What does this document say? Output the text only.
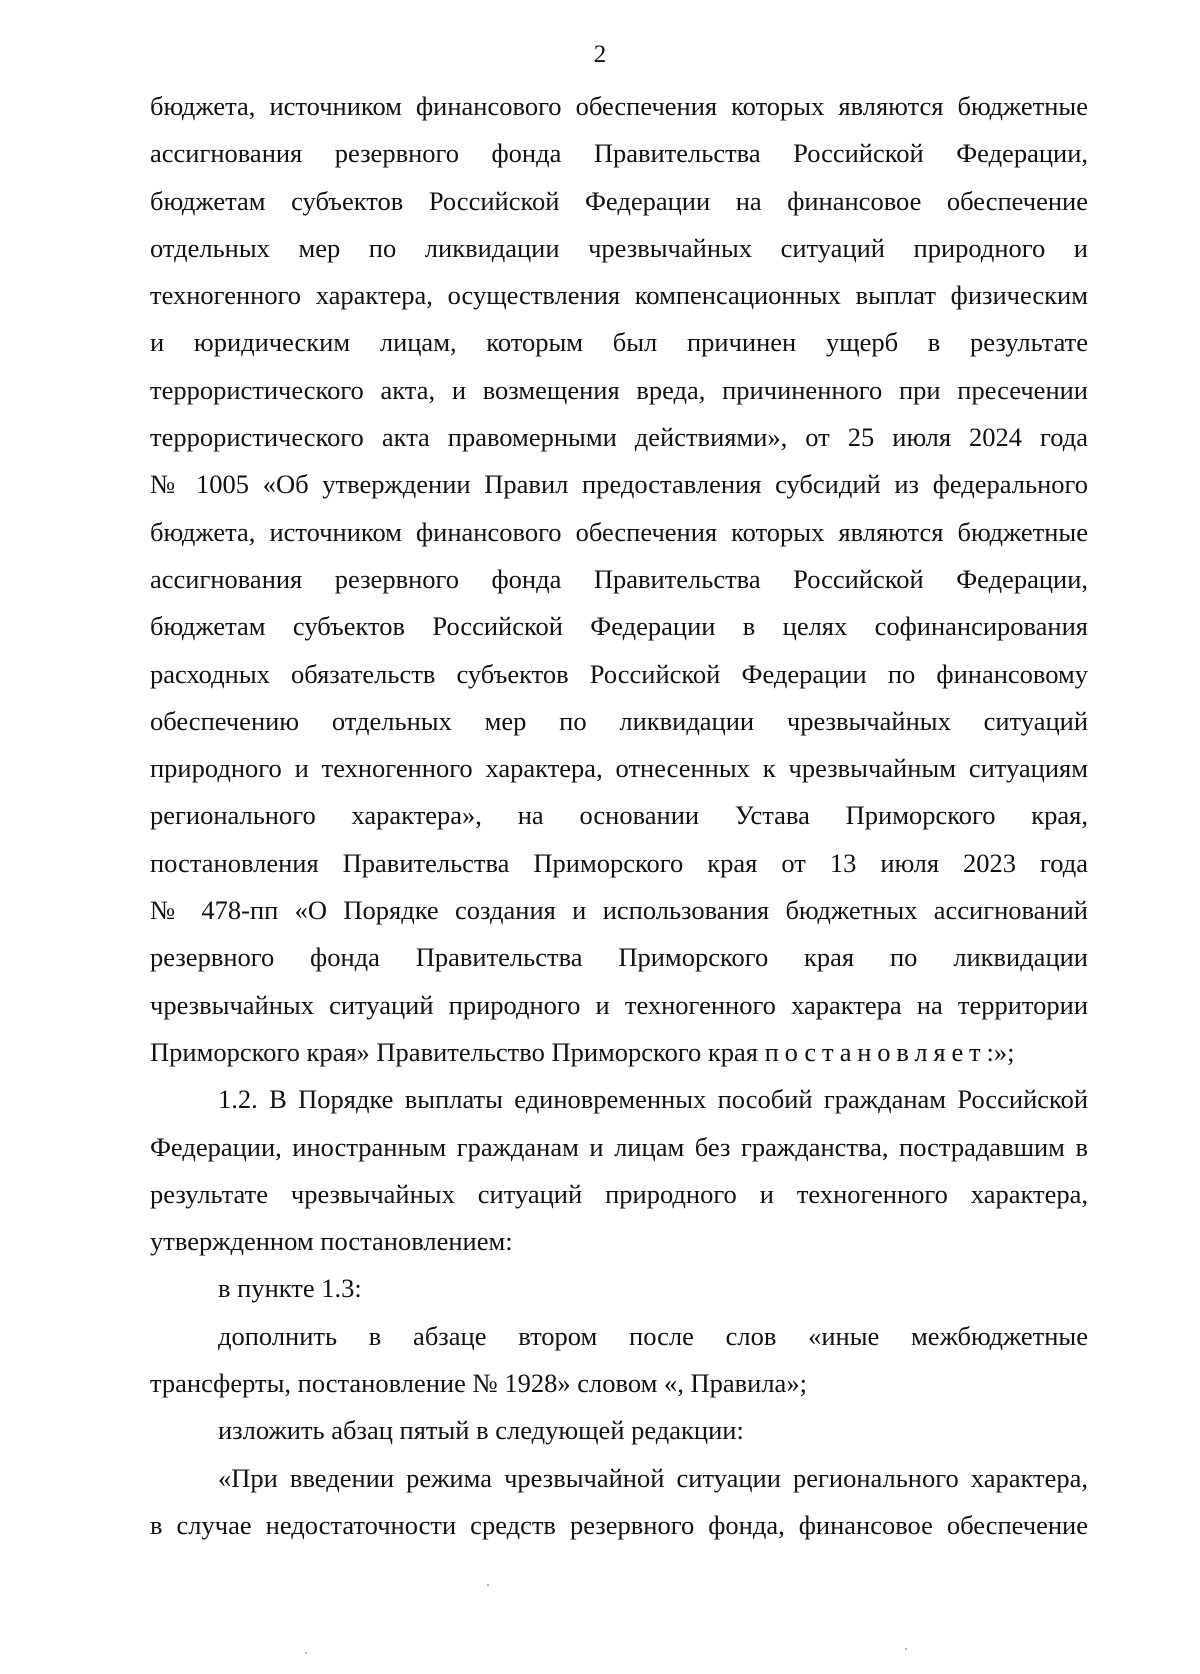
2
бюджета, источником финансового обеспечения которых являются бюджетные
ассигнования резервного фонда Правительства Российской Федерации,
бюджетам субъектов Российской Федерации на финансовое обеспечение
отдельных мер по ликвидации чрезвычайных ситуаций природного и
техногенного характера, осуществления компенсационных выплат физическим
и юридическим лицам, которым был причинен ущерб в результате
террористического акта, и возмещения вреда, причиненного при пресечении
террористического акта правомерными действиями», от 25 июля 2024 года
№ 1005 «Об утверждении Правил предоставления субсидий из федерального
бюджета, источником финансового обеспечения которых являются бюджетные
ассигнования резервного фонда Правительства Российской Федерации,
бюджетам субъектов Российской Федерации в целях софинансирования
расходных обязательств субъектов Российской Федерации по финансовому
обеспечению отдельных мер по ликвидации чрезвычайных ситуаций
природного и техногенного характера, отнесенных к чрезвычайным ситуациям
регионального характера», на основании Устава Приморского края,
постановления Правительства Приморского края от 13 июля 2023 года
№ 478-пп «О Порядке создания и использования бюджетных ассигнований
резервного фонда Правительства Приморского края по ликвидации
чрезвычайных ситуаций природного и техногенного характера на территории
Приморского края» Правительство Приморского края постановляет:»;
1.2. В Порядке выплаты единовременных пособий гражданам Российской
Федерации, иностранным гражданам и лицам без гражданства, пострадавшим в
результате чрезвычайных ситуаций природного и техногенного характера,
утвержденном постановлением:
в пункте 1.3:
дополнить в абзаце втором после слов «иные межбюджетные
трансферты, постановление № 1928» словом «, Правила»;
изложить абзац пятый в следующей редакции:
«При введении режима чрезвычайной ситуации регионального характера,
в случае недостаточности средств резервного фонда, финансовое обеспечение
